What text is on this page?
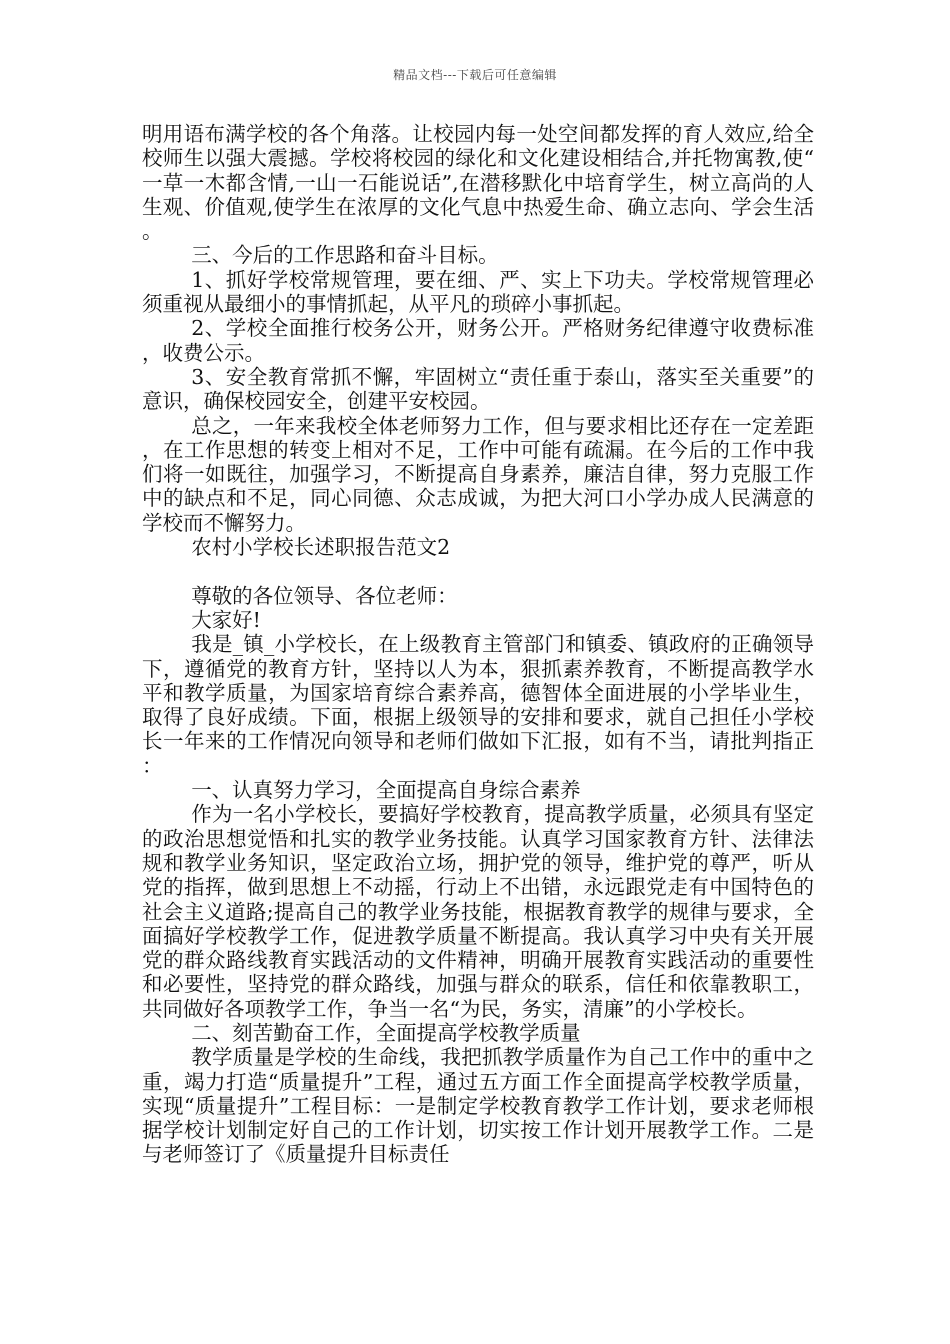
精品文档---下载后可任意编辑

明用语布满学校的各个角落。让校园内每一处空间都发挥的育人效应,给全校师生以强大震撼。学校将校园的绿化和文化建设相结合,并托物寓教,使“一草一木都含情,一山一石能说话”,在潜移默化中培育学生，树立高尚的人生观、价值观,使学生在浓厚的文化气息中热爱生命、确立志向、学会生活。

三、今后的工作思路和奋斗目标。

1、抓好学校常规管理，要在细、严、实上下功夫。学校常规管理必须重视从最细小的事情抓起，从平凡的琐碎小事抓起。

2、学校全面推行校务公开，财务公开。严格财务纪律遵守收费标准，收费公示。

3、安全教育常抓不懈，牢固树立“责任重于泰山，落实至关重要”的意识，确保校园安全，创建平安校园。

总之，一年来我校全体老师努力工作，但与要求相比还存在一定差距，在工作思想的转变上相对不足，工作中可能有疏漏。在今后的工作中我们将一如既往，加强学习，不断提高自身素养，廉洁自律，努力克服工作中的缺点和不足，同心同德、众志成诚，为把大河口小学办成人民满意的学校而不懈努力。

农村小学校长述职报告范文2

尊敬的各位领导、各位老师：

大家好!

我是_镇_小学校长，在上级教育主管部门和镇委、镇政府的正确领导下，遵循党的教育方针，坚持以人为本，狠抓素养教育，不断提高教学水平和教学质量，为国家培育综合素养高，德智体全面进展的小学毕业生，取得了良好成绩。下面，根据上级领导的安排和要求，就自己担任小学校长一年来的工作情况向领导和老师们做如下汇报，如有不当，请批判指正：

一、认真努力学习，全面提高自身综合素养

作为一名小学校长，要搞好学校教育，提高教学质量，必须具有坚定的政治思想觉悟和扎实的教学业务技能。认真学习国家教育方针、法律法规和教学业务知识，坚定政治立场，拥护党的领导，维护党的尊严，听从党的指挥，做到思想上不动摇，行动上不出错，永远跟党走有中国特色的社会主义道路;提高自己的教学业务技能，根据教育教学的规律与要求，全面搞好学校教学工作，促进教学质量不断提高。我认真学习中央有关开展党的群众路线教育实践活动的文件精神，明确开展教育实践活动的重要性和必要性，坚持党的群众路线，加强与群众的联系，信任和依靠教职工，共同做好各项教学工作，争当一名“为民，务实，清廉”的小学校长。

二、刻苦勤奋工作，全面提高学校教学质量

教学质量是学校的生命线，我把抓教学质量作为自己工作中的重中之重，竭力打造“质量提升”工程，通过五方面工作全面提高学校教学质量，实现“质量提升”工程目标：一是制定学校教育教学工作计划，要求老师根据学校计划制定好自己的工作计划，切实按工作计划开展教学工作。二是与老师签订了《质量提升目标责任
